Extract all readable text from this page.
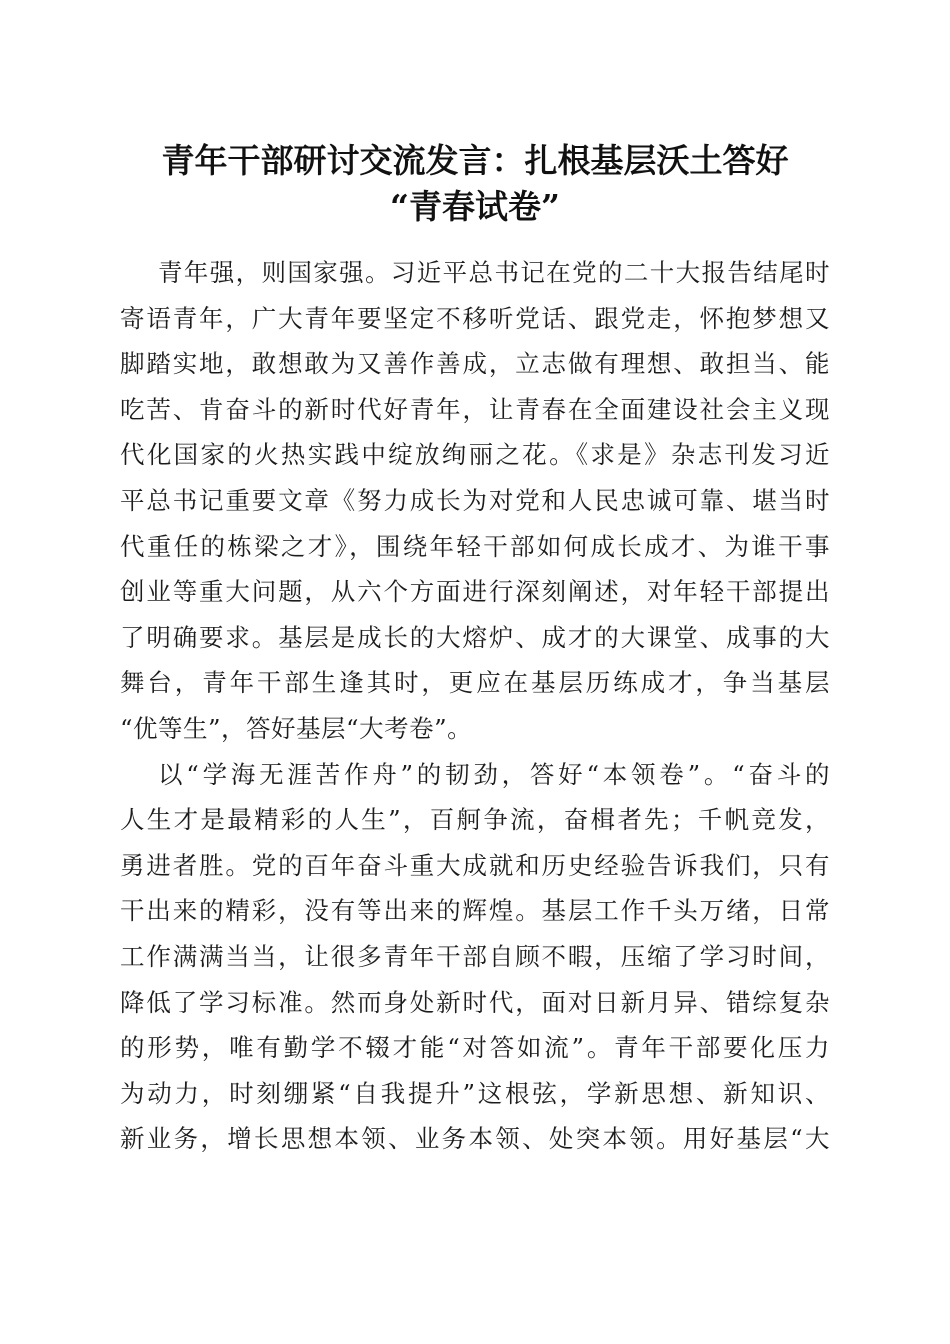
青年干部研讨交流发言：扎根基层沃土答好
“青春试卷”
青年强，则国家强。习近平总书记在党的二十大报告结尾时
寄语青年，广大青年要坚定不移听党话、跟党走，怀抱梦想又
脚踏实地，敢想敢为又善作善成，立志做有理想、敢担当、能
吃苦、肯奋斗的新时代好青年，让青春在全面建设社会主义现
代化国家的火热实践中绽放绚丽之花。《求是》杂志刊发习近
平总书记重要文章《努力成长为对党和人民忠诚可靠、堪当时
代重任的栋梁之才》，围绕年轻干部如何成长成才、为谁干事
创业等重大问题，从六个方面进行深刻阐述，对年轻干部提出
了明确要求。基层是成长的大熔炉、成才的大课堂、成事的大
舞台，青年干部生逢其时，更应在基层历练成才，争当基层
“优等生”，答好基层“大考卷”。
以“学海无涯苦作舟”的韧劲，答好“本领卷”。“奋斗的
人生才是最精彩的人生”，百舸争流，奋楫者先；千帆竞发，
勇进者胜。党的百年奋斗重大成就和历史经验告诉我们，只有
干出来的精彩，没有等出来的辉煌。基层工作千头万绪，日常
工作满满当当，让很多青年干部自顾不暇，压缩了学习时间，
降低了学习标准。然而身处新时代，面对日新月异、错综复杂
的形势，唯有勤学不辍才能“对答如流”。青年干部要化压力
为动力，时刻绷紧“自我提升”这根弦，学新思想、新知识、
新业务，增长思想本领、业务本领、处突本领。用好基层“大
